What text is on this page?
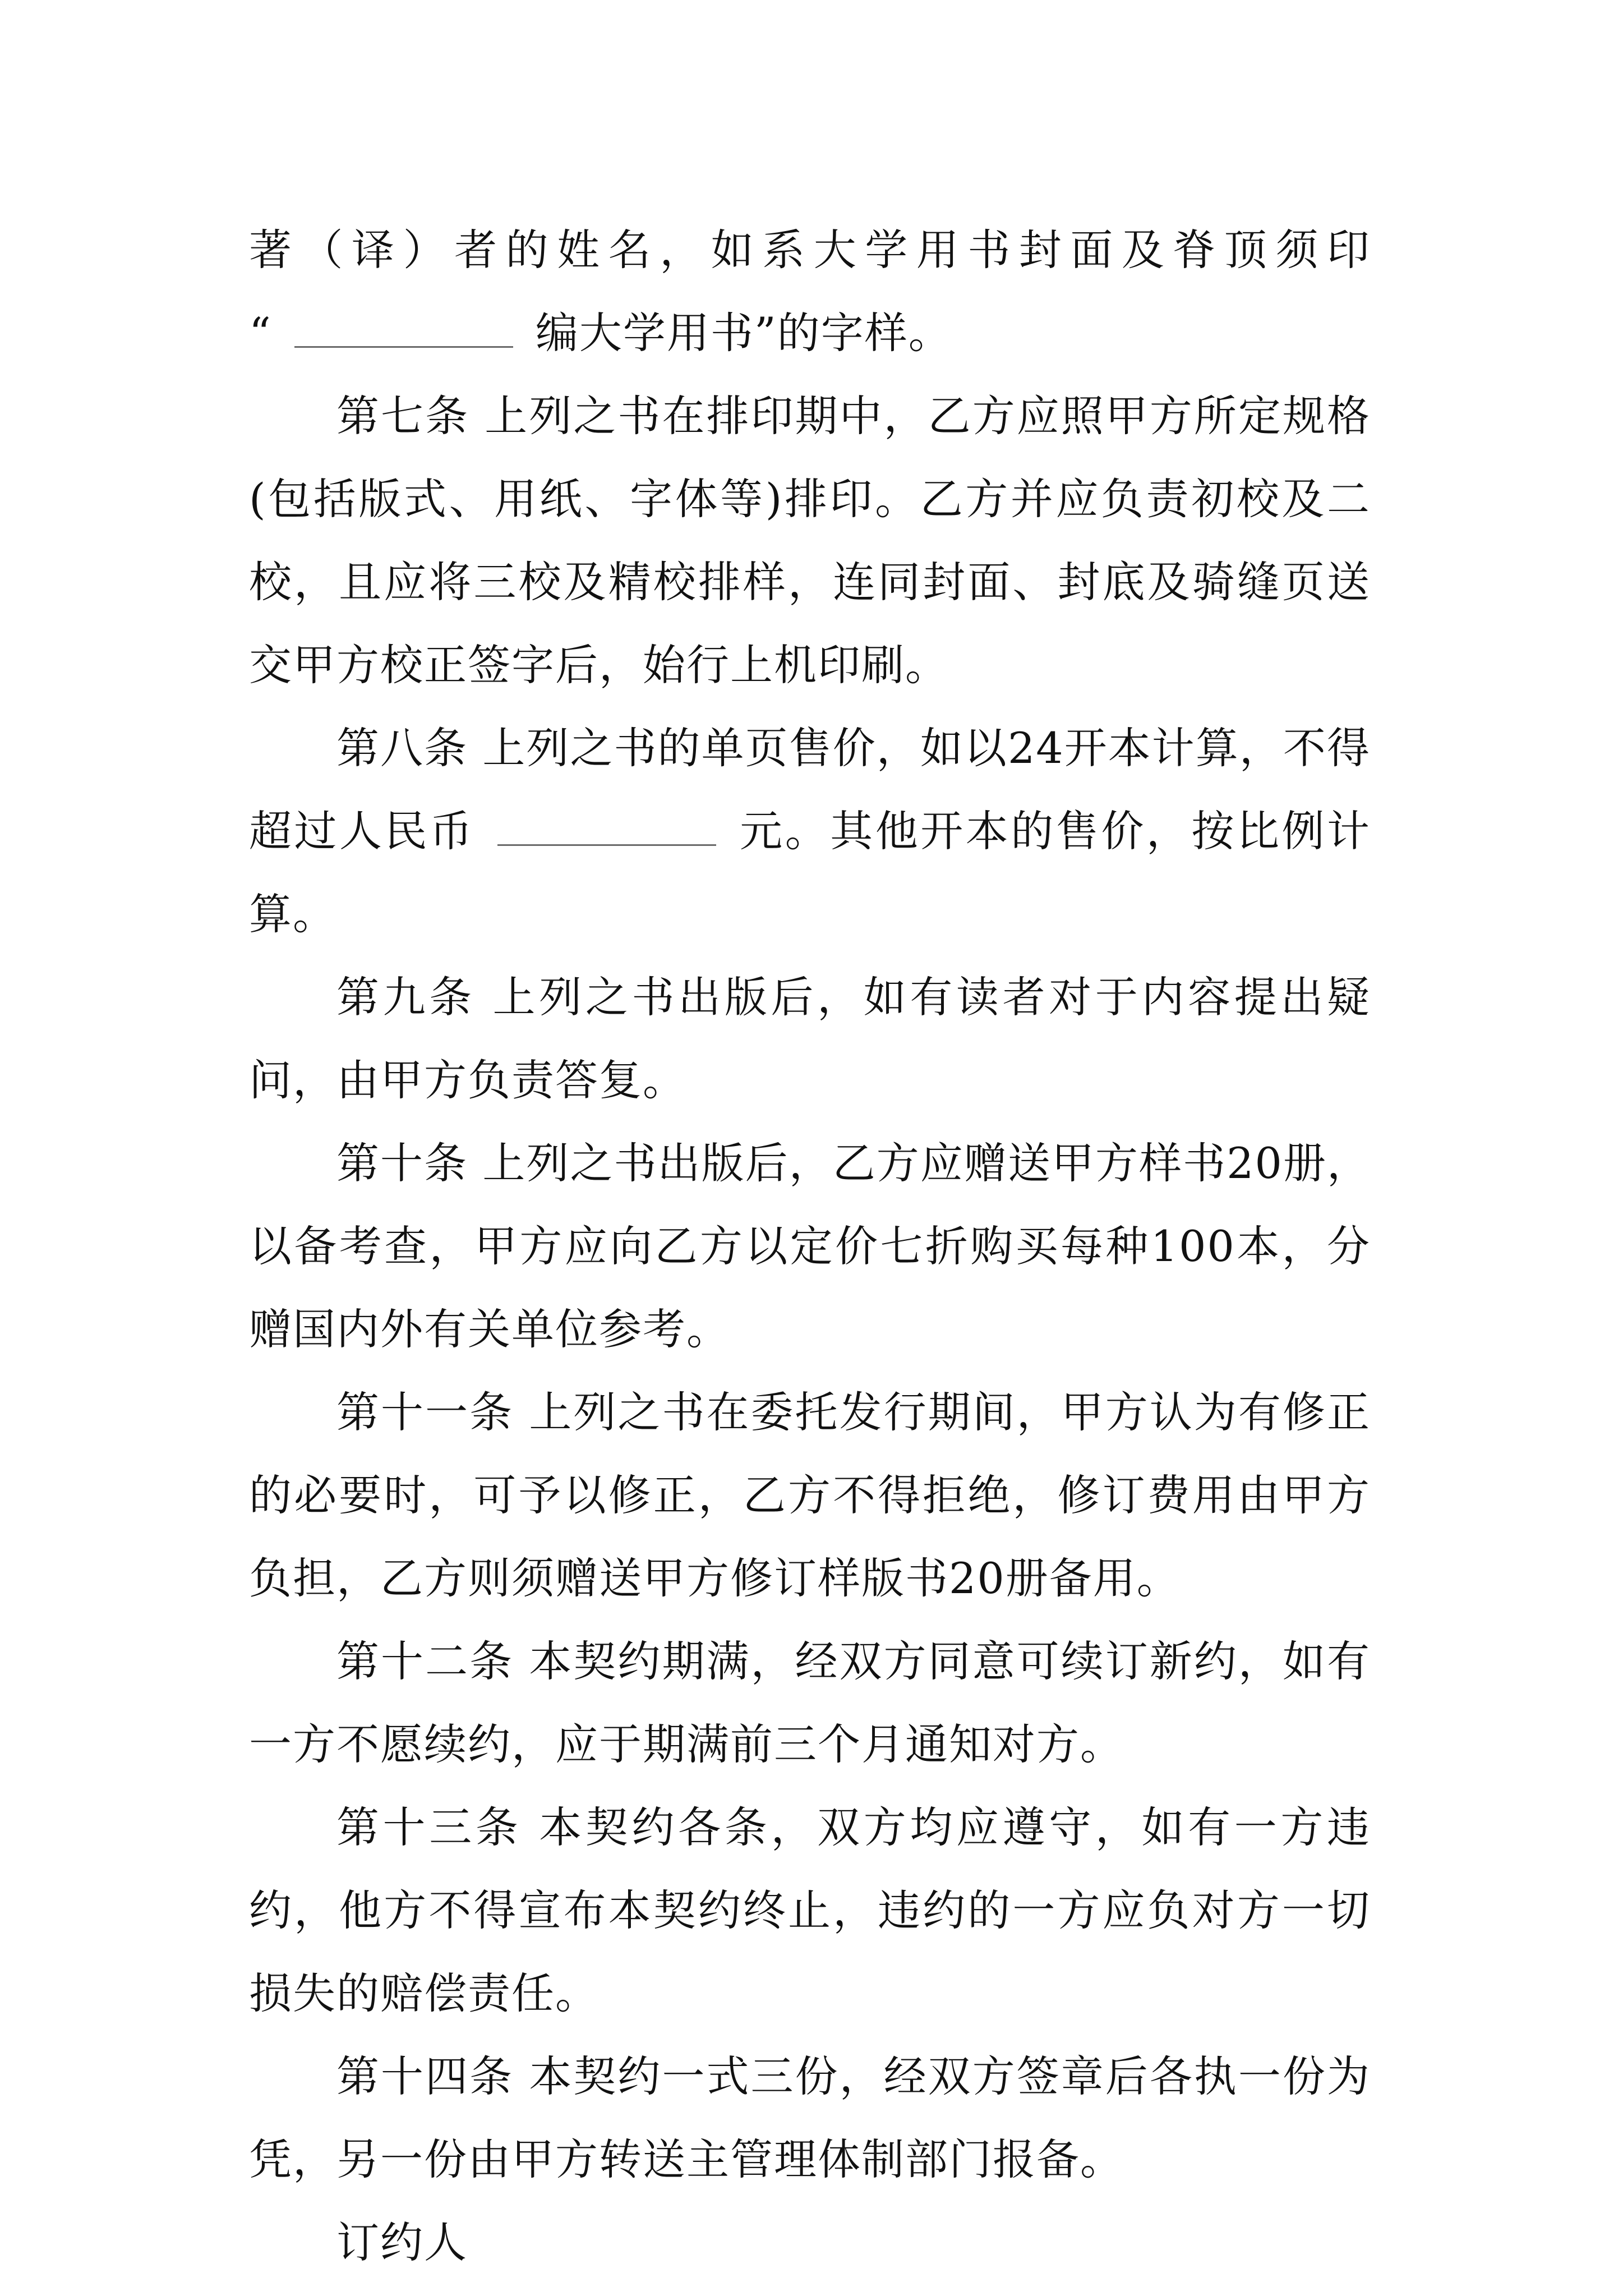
著（译）者的姓名，如系大学用书封面及脊顶须印
“	编大学用书”的字样。

第七条 上列之书在排印期中，乙方应照甲方所定规格(包括版式、用纸、字体等)排印。乙方并应负责初校及二校，且应将三校及精校排样，连同封面、封底及骑缝页送交甲方校正签字后，始行上机印刷。

第八条 上列之书的单页售价，如以24开本计算，不得超过人民币	元。其他开本的售价，按比例计算。

第九条 上列之书出版后，如有读者对于内容提出疑问，由甲方负责答复。

第十条 上列之书出版后，乙方应赠送甲方样书20册，以备考查，甲方应向乙方以定价七折购买每种100本，分赠国内外有关单位参考。

第十一条 上列之书在委托发行期间，甲方认为有修正的必要时，可予以修正，乙方不得拒绝，修订费用由甲方负担，乙方则须赠送甲方修订样版书20册备用。

第十二条 本契约期满，经双方同意可续订新约，如有一方不愿续约，应于期满前三个月通知对方。

第十三条 本契约各条，双方均应遵守，如有一方违约，他方不得宣布本契约终止，违约的一方应负对方一切损失的赔偿责任。

第十四条 本契约一式三份，经双方签章后各执一份为凭，另一份由甲方转送主管理体制部门报备。

订约人
